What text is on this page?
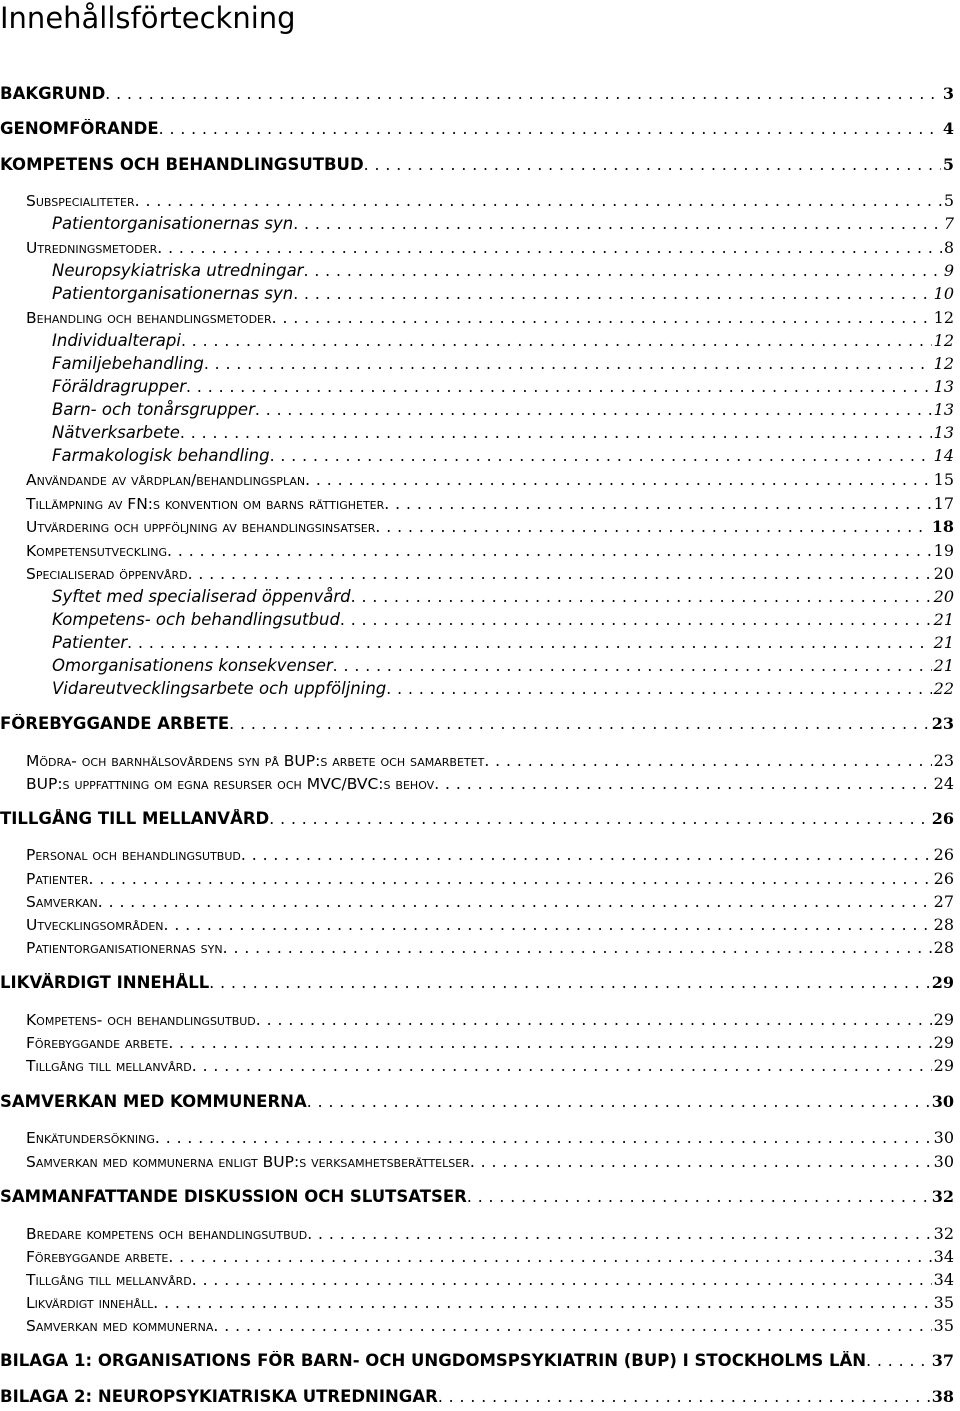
Innehållsförteckning
BAKGRUND . . .	3
GENOMFÖRANDE . . .	4
KOMPETENS OCH BEHANDLINGSUTBUD . . .	5
Subspecialiteter . . .	5
Patientorganisationernas syn . . .	7
Utredningsmetoder . . .	8
Neuropsykiatriska utredningar . . .	9
Patientorganisationernas syn . . .	10
Behandling och behandlingsmetoder . . .	12
Individualterapi . . .	12
Familjebehandling . . .	12
Föräldragrupper . . .	13
Barn- och tonårsgrupper . . .	13
Nätverksarbete . . .	13
Farmakologisk behandling . . .	14
Användande av vårdplan/behandlingsplan . . .	15
Tillämpning av FN:s konvention om barns rättigheter . . .	17
Utvärdering och uppföljning av behandlingsinsatser . . .	18
Kompetensutveckling . . .	19
Specialiserad öppenvård . . .	20
Syftet med specialiserad öppenvård . . .	20
Kompetens- och behandlingsutbud . . .	21
Patienter . . .	21
Omorganisationens konsekvenser . . .	21
Vidareutvecklingsarbete och uppföljning . . .	22
FÖREBYGGANDE ARBETE . . .	23
Mödra- och barnhälsovårdens syn på BUP:s arbete och samarbetet . . .	23
BUP:s uppfattning om egna resurser och MVC/BVC:s behov . . .	24
TILLGÅNG TILL MELLANVÅRD . . .	26
Personal och behandlingsutbud . . .	26
Patienter . . .	26
Samverkan . . .	27
Utvecklingsområden . . .	28
Patientorganisationernas syn . . .	28
LIKVÄRDIGT INNEHÅLL . . .	29
Kompetens- och behandlingsutbud . . .	29
Förebyggande arbete . . .	29
Tillgång till mellanvård . . .	29
SAMVERKAN MED KOMMUNERNA . . .	30
Enkätundersökning . . .	30
Samverkan med kommunerna enligt BUP:s verksamhetsberättelser . . .	30
SAMMANFATTANDE DISKUSSION OCH SLUTSATSER . . .	32
Bredare kompetens och behandlingsutbud . . .	32
Förebyggande arbete . . .	34
Tillgång till mellanvård . . .	34
Likvärdigt innehåll . . .	35
Samverkan med kommunerna . . .	35
BILAGA 1: ORGANISATIONS FÖR BARN- OCH UNGDOMSPSYKIATRIN (BUP) I STOCKHOLMS LÄN . . .	37
BILAGA 2: NEUROPSYKIATRISKA UTREDNINGAR . . .	38
